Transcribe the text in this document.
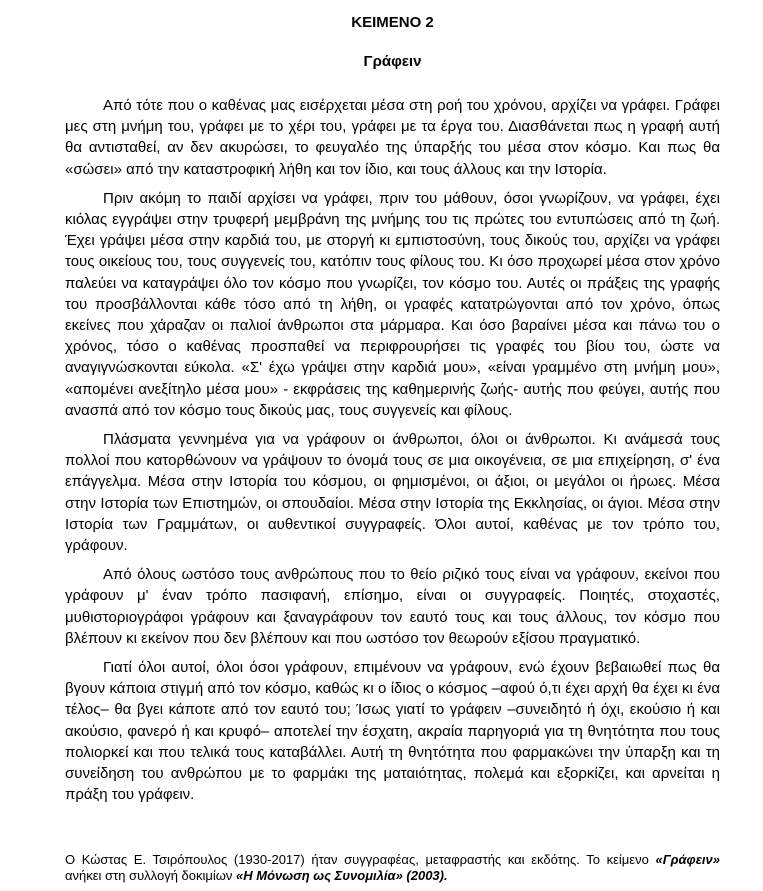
ΚΕΙΜΕΝΟ 2
Γράφειν

Από τότε που ο καθένας μας εισέρχεται μέσα στη ροή του χρόνου, αρχίζει να γράφει. Γράφει μες στη μνήμη του, γράφει με το χέρι του, γράφει με τα έργα του. Διασθάνεται πως η γραφή αυτή θα αντισταθεί, αν δεν ακυρώσει, το φευγαλέο της ύπαρξής του μέσα στον κόσμο. Και πως θα «σώσει» από την καταστροφική λήθη και τον ίδιο, και τους άλλους και την Ιστορία.

Πριν ακόμη το παιδί αρχίσει να γράφει, πριν του μάθουν, όσοι γνωρίζουν, να γράφει, έχει κιόλας εγγράψει στην τρυφερή μεμβράνη της μνήμης του τις πρώτες του εντυπώσεις από τη ζωή. Έχει γράψει μέσα στην καρδιά του, με στοργή κι εμπιστοσύνη, τους δικούς του, αρχίζει να γράφει τους οικείους του, τους συγγενείς του, κατόπιν τους φίλους του. Κι όσο προχωρεί μέσα στον χρόνο παλεύει να καταγράψει όλο τον κόσμο που γνωρίζει, τον κόσμο του. Αυτές οι πράξεις της γραφής του προσβάλλονται κάθε τόσο από τη λήθη, οι γραφές κατατρώγονται από τον χρόνο, όπως εκείνες που χάραζαν οι παλιοί άνθρωποι στα μάρμαρα. Και όσο βαραίνει μέσα και πάνω του ο χρόνος, τόσο ο καθένας προσπαθεί να περιφρουρήσει τις γραφές του βίου του, ώστε να αναγιγνώσκονται εύκολα. «Σ' έχω γράψει στην καρδιά μου», «είναι γραμμένο στη μνήμη μου», «απομένει ανεξίτηλο μέσα μου» - εκφράσεις της καθημερινής ζωής- αυτής που φεύγει, αυτής που ανασπά από τον κόσμο τους δικούς μας, τους συγγενείς και φίλους.

Πλάσματα γεννημένα για να γράφουν οι άνθρωποι, όλοι οι άνθρωποι. Κι ανάμεσά τους πολλοί που κατορθώνουν να γράψουν το όνομά τους σε μια οικογένεια, σε μια επιχείρηση, σ' ένα επάγγελμα. Μέσα στην Ιστορία του κόσμου, οι φημισμένοι, οι άξιοι, οι μεγάλοι οι ήρωες. Μέσα στην Ιστορία των Επιστημών, οι σπουδαίοι. Μέσα στην Ιστορία της Εκκλησίας, οι άγιοι. Μέσα στην Ιστορία των Γραμμάτων, οι αυθεντικοί συγγραφείς. Όλοι αυτοί, καθένας με τον τρόπο του, γράφουν.

Από όλους ωστόσο τους ανθρώπους που το θείο ριζικό τους είναι να γράφουν, εκείνοι που γράφουν μ' έναν τρόπο πασιφανή, επίσημο, είναι οι συγγραφείς. Ποιητές, στοχαστές, μυθιστοριογράφοι γράφουν και ξαναγράφουν τον εαυτό τους και τους άλλους, τον κόσμο που βλέπουν κι εκείνον που δεν βλέπουν και που ωστόσο τον θεωρούν εξίσου πραγματικό.

Γιατί όλοι αυτοί, όλοι όσοι γράφουν, επιμένουν να γράφουν, ενώ έχουν βεβαιωθεί πως θα βγουν κάποια στιγμή από τον κόσμο, καθώς κι ο ίδιος ο κόσμος –αφού ό,τι έχει αρχή θα έχει κι ένα τέλος– θα βγει κάποτε από τον εαυτό του; Ίσως γιατί το γράφειν –συνειδητό ή όχι, εκούσιο ή και ακούσιο, φανερό ή και κρυφό– αποτελεί την έσχατη, ακραία παρηγοριά για τη θνητότητα που τους πολιορκεί και που τελικά τους καταβάλλει. Αυτή τη θνητότητα που φαρμακώνει την ύπαρξη και τη συνείδηση του ανθρώπου με το φαρμάκι της ματαιότητας, πολεμά και εξορκίζει, και αρνείται η πράξη του γράφειν.

Ο Κώστας Ε. Τσιρόπουλος (1930-2017) ήταν συγγραφέας, μεταφραστής και εκδότης. Το κείμενο «Γράφειν» ανήκει στη συλλογή δοκιμίων «Η Μόνωση ως Συνομιλία» (2003).
